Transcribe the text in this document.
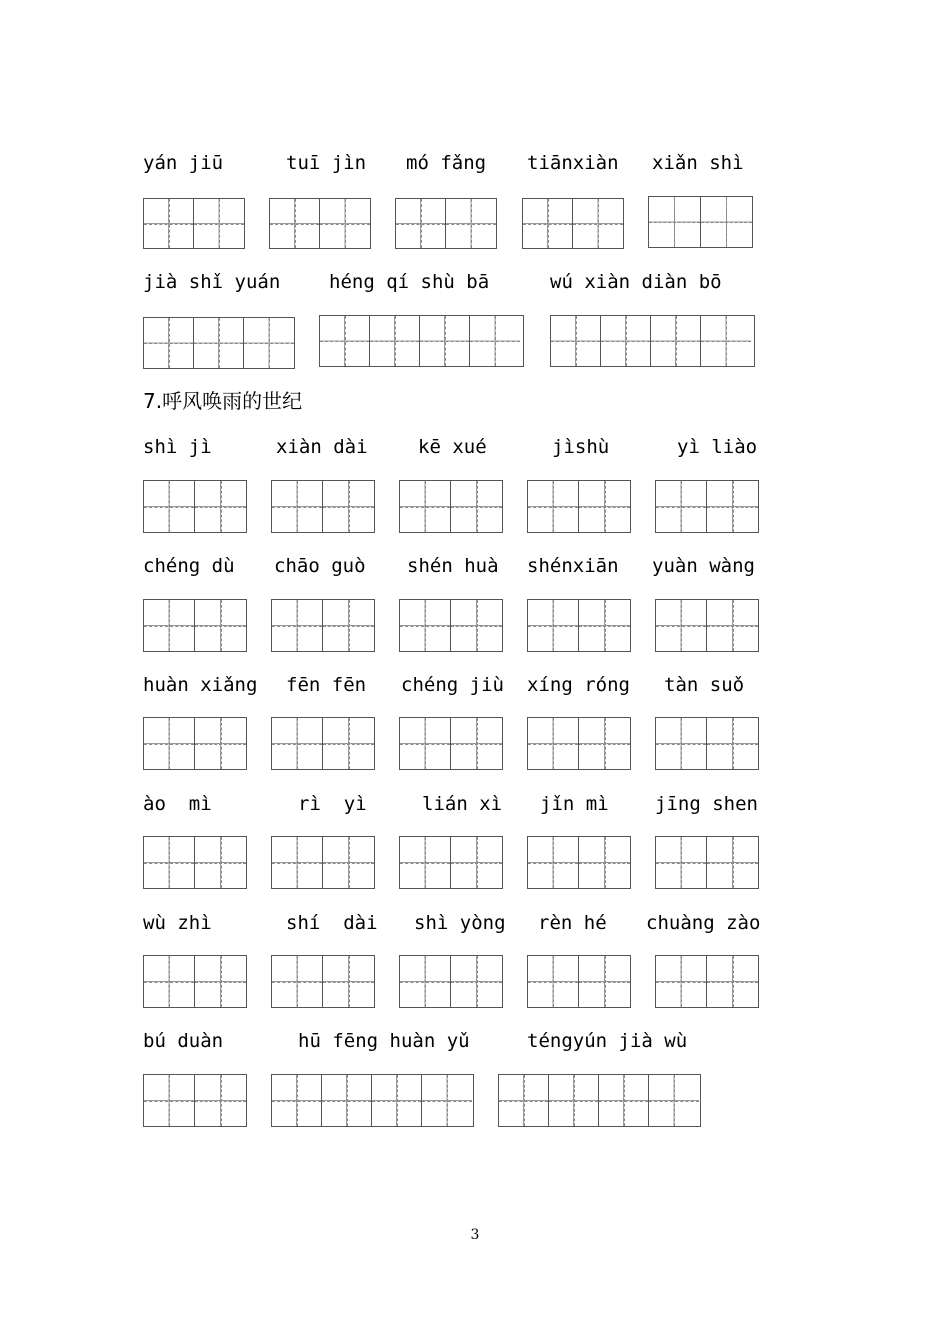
yán jiū	tuī jìn mó fǎng tiānxiàn xiǎn shì
jià shǐ yuán	héng qí shù bā	wú xiàn diàn bō
7.呼风唤雨的世纪
shì jì	xiàn dài	kē xué	jìshù	yì liào
chéng dù chāo guò shén huà shénxiān yuàn wàng
huàn xiǎng fēn fēn chéng jiù xíng róng tàn suǒ
ào  mì	rì  yì	lián xì jǐn mì jīng shen
wù zhì	shí  dài shì yòng rèn hé chuàng zào
bú duàn	hū fēng huàn yǔ	téngyún jià wù
3
